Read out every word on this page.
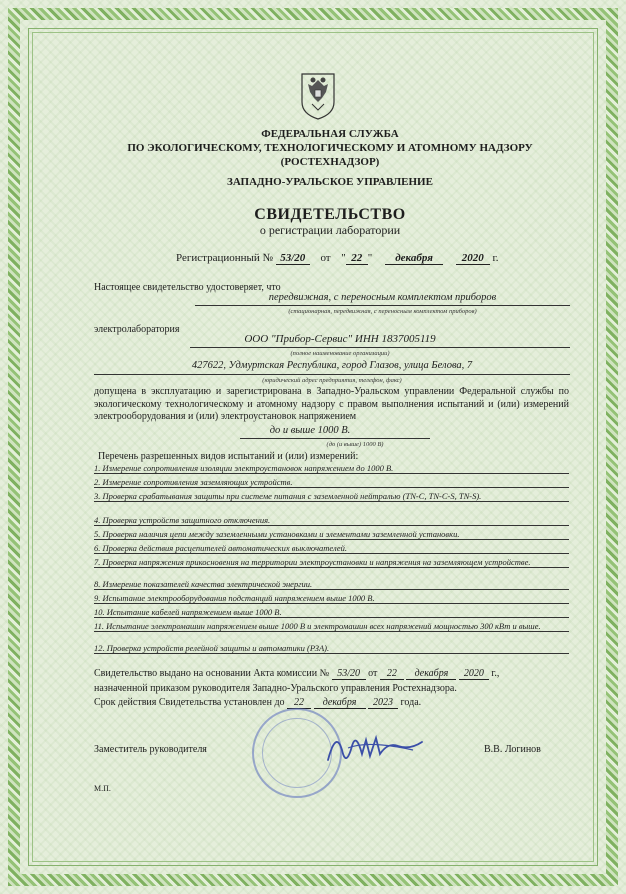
ФЕДЕРАЛЬНАЯ СЛУЖБА
ПО ЭКОЛОГИЧЕСКОМУ, ТЕХНОЛОГИЧЕСКОМУ И АТОМНОМУ НАДЗОРУ
(РОСТЕХНАДЗОР)
ЗАПАДНО-УРАЛЬСКОЕ УПРАВЛЕНИЕ
СВИДЕТЕЛЬСТВО
о регистрации лаборатории
Регистрационный № 53/20 от " 22 " декабря	2020 г.
Настоящее свидетельство удостоверяет, что
передвижная, с переносным комплектом приборов
(стационарная, передвижная, с переносным комплектом приборов)
электролаборатория
ООО "Прибор-Сервис" ИНН 1837005119
(полное наименование организации)
427622, Удмуртская Республика, город Глазов, улица Белова, 7
(юридический адрес предприятия, телефон, факс)
допущена в эксплуатацию и зарегистрирована в Западно-Уральском управлении Федеральной службы по экологическому технологическому и атомному надзору с правом выполнения испытаний и (или) измерений электрооборудования и (или) электроустановок напряжением
до и выше 1000 В.
(до (и выше) 1000 В)
Перечень разрешенных видов испытаний и (или) измерений:
1. Измерение сопротивления изоляции электроустановок напряжением до 1000 В.
2. Измерение сопротивления заземляющих устройств.
3. Проверка срабатывания защиты при системе питания с заземленной нейтралью (TN-C, TN-C-S, TN-S).
4. Проверка устройств защитного отключения.
5. Проверка наличия цепи между заземленными установками и элементами заземленной установки.
6. Проверка действия расцепителей автоматических выключателей.
7. Проверка напряжения прикосновения на территории электроустановки и напряжения на заземляющем устройстве.
8. Измерение показателей качества электрической энергии.
9. Испытание электрооборудования подстанций напряжением выше 1000 В.
10. Испытание кабелей напряжением выше 1000 В.
11. Испытание электромашин напряжением выше 1000 В и электромашин всех напряжений мощностью 300 кВт и выше.
12. Проверка устройств релейной защиты и автоматики (РЗА).
Свидетельство выдано на основании Акта комиссии № 53/20 от 22 декабря 2020 г.,
назначенной приказом руководителя Западно-Уральского управления Ростехнадзора.
Срок действия Свидетельства установлен до 22 декабря 2023 года.
Заместитель руководителя	В.В. Логинов
М.П.
